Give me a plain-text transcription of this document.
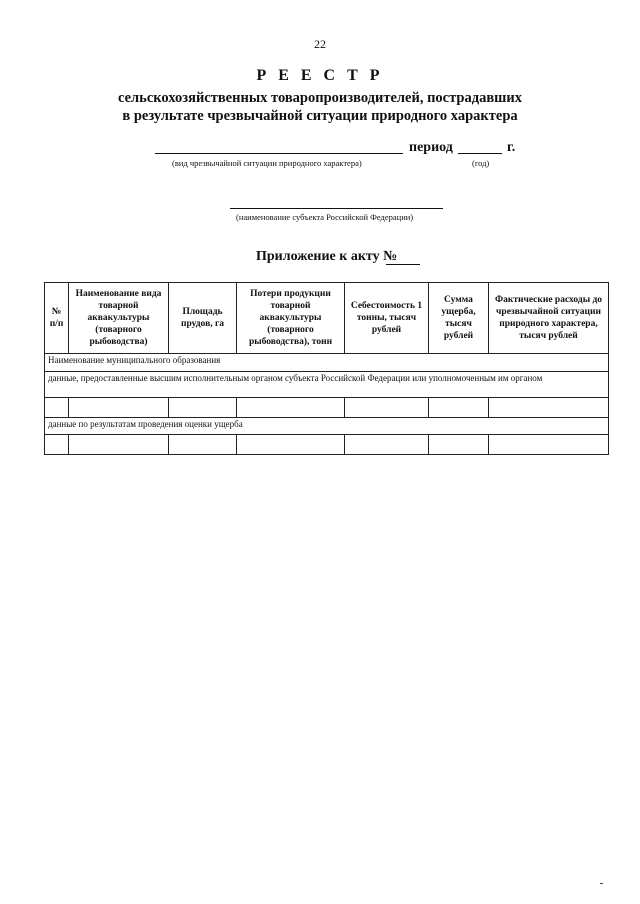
22
Р Е Е С Т Р
сельскохозяйственных товаропроизводителей, пострадавших
в результате чрезвычайной ситуации природного характера
период	г.
(вид чрезвычайной ситуации природного характера)	(год)
(наименование субъекта Российской Федерации)
Приложение к акту №
№ п/п	Наименование вида товарной аквакультуры (товарного рыбоводства)	Площадь прудов, га	Потери продукции товарной аквакультуры (товарного рыбоводства), тонн	Себестоимость 1 тонны, тысяч рублей	Сумма ущерба, тысяч рублей	Фактические расходы до чрезвычайной ситуации природного характера, тысяч рублей
Наименование муниципального образования						
данные, предоставленные высшим исполнительным органом субъекта Российской Федерации или уполномоченным им органом						

данные по результатам проведения оценки ущерба						
